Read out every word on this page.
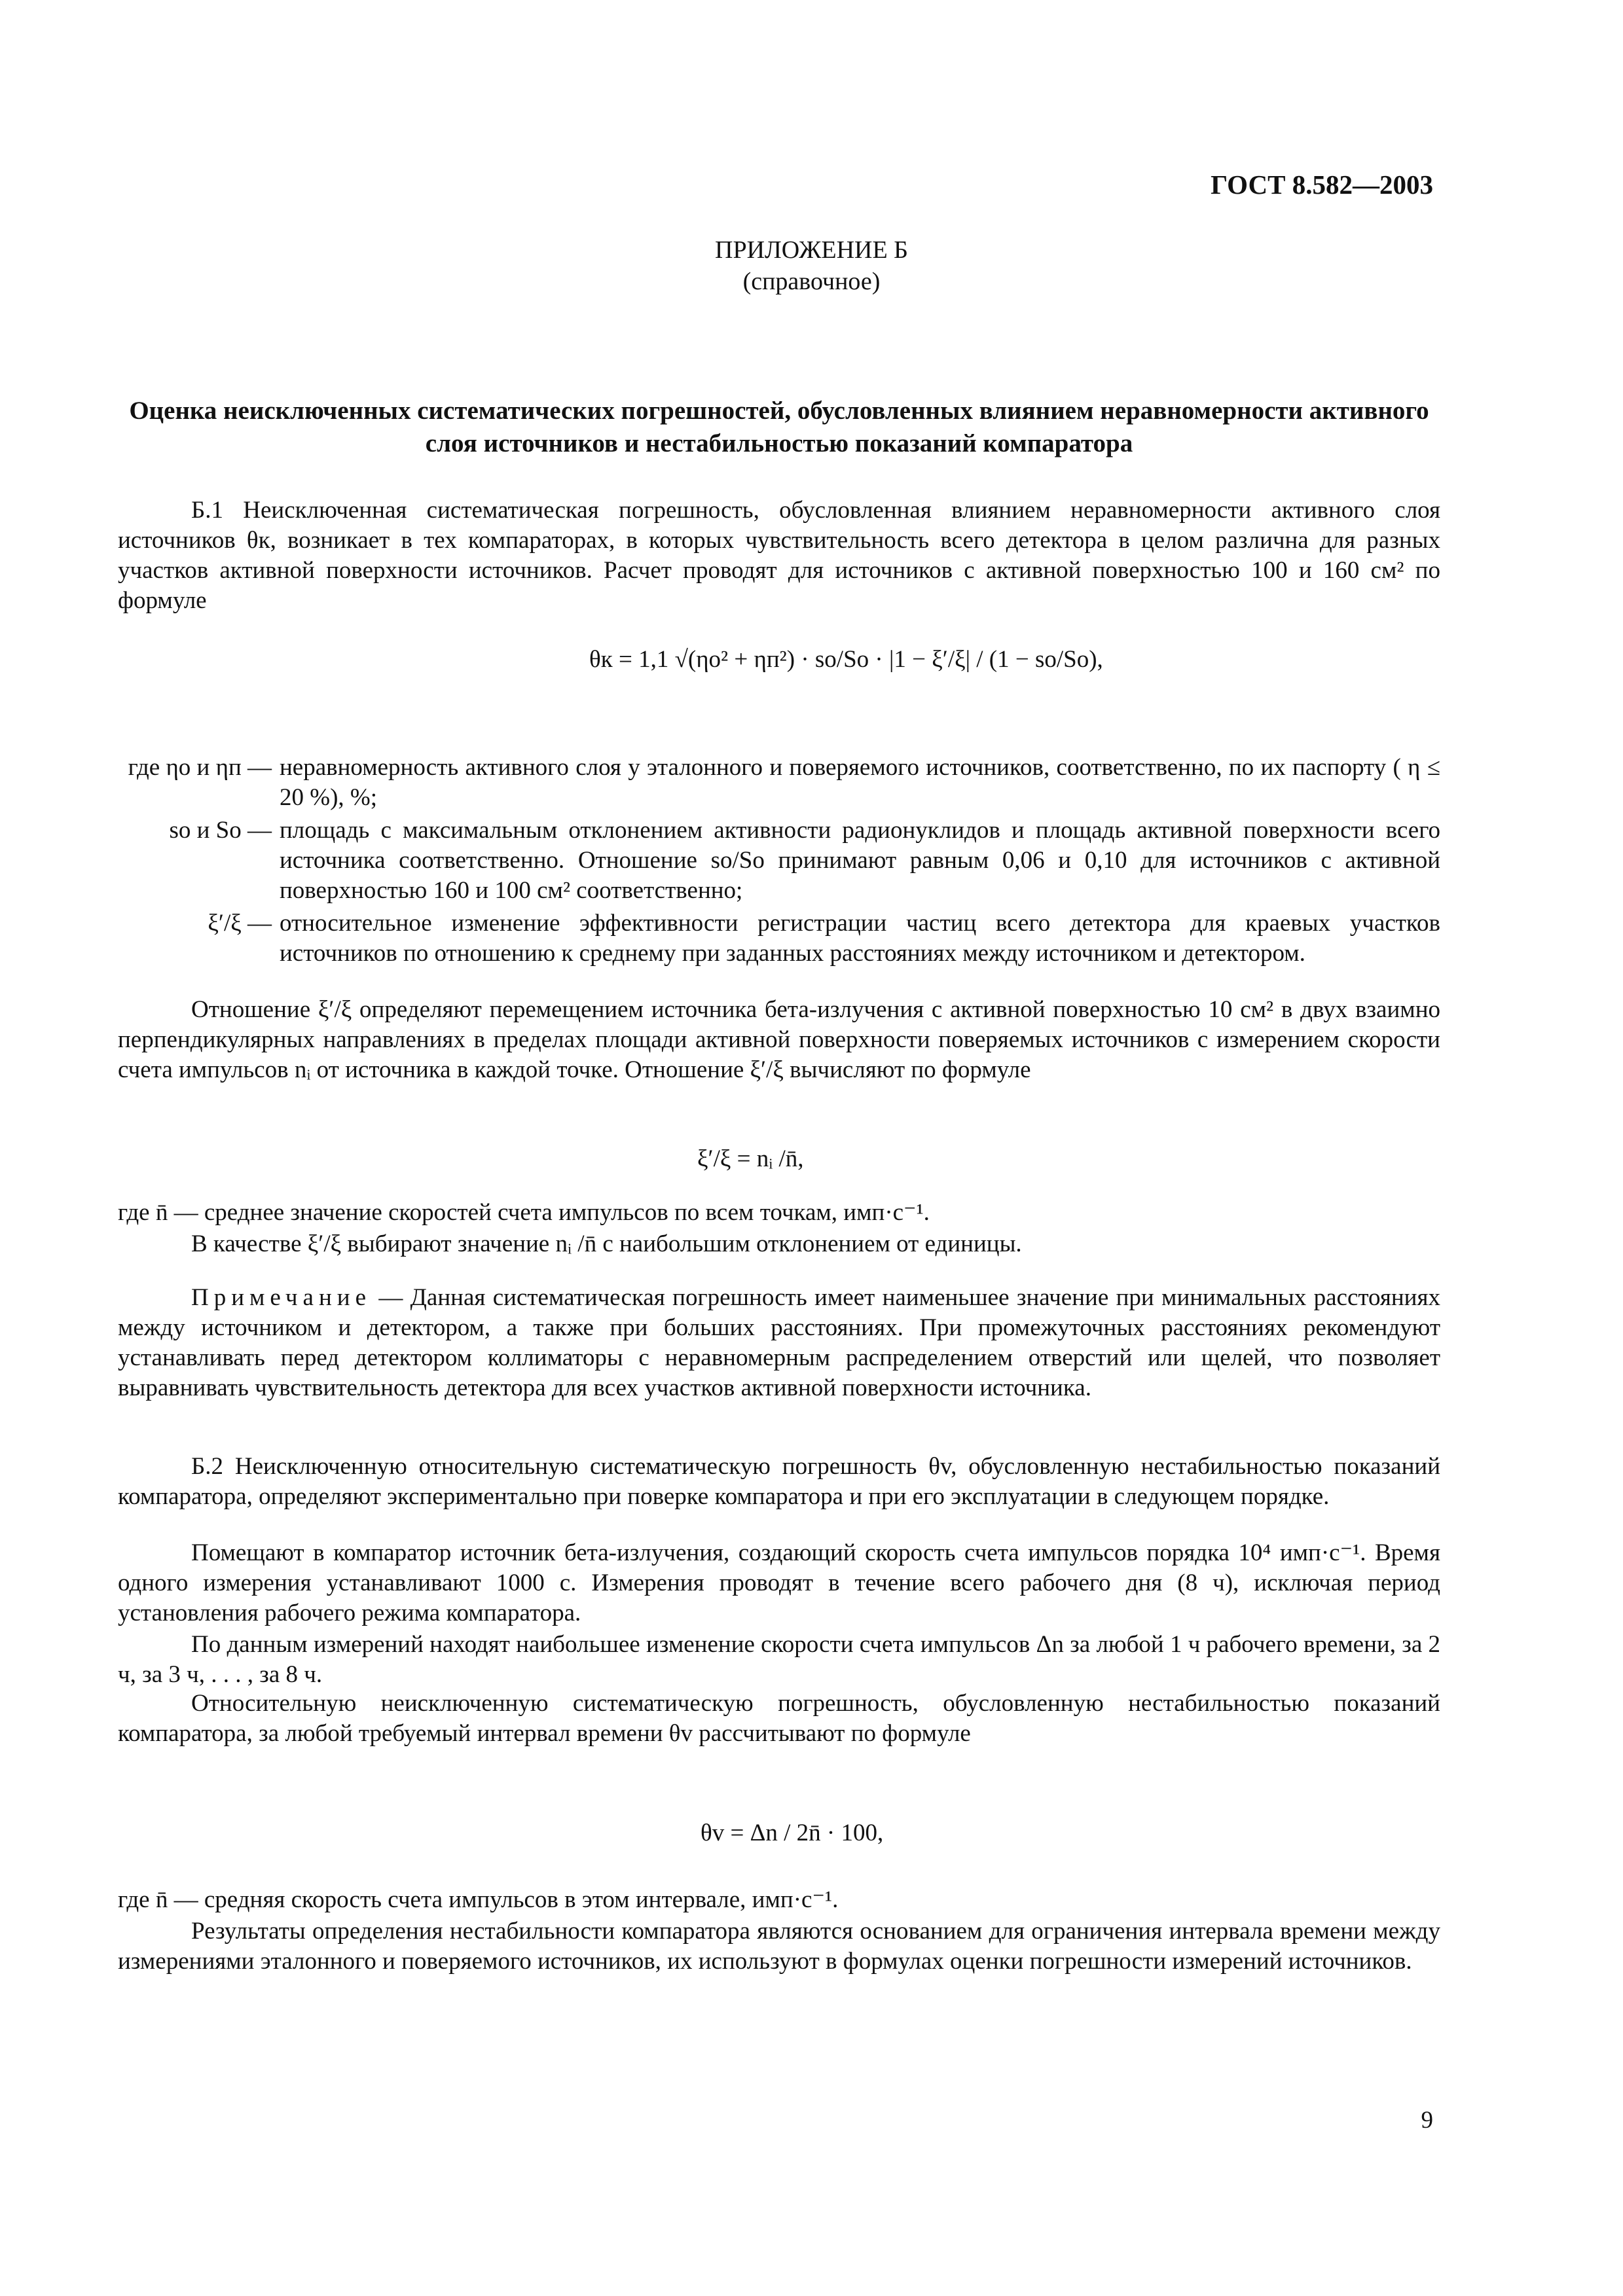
ГОСТ 8.582—2003
ПРИЛОЖЕНИЕ Б
(справочное)
Оценка неисключенных систематических погрешностей, обусловленных влиянием неравномерности активного слоя источников и нестабильностью показаний компаратора
Б.1 Неисключенная систематическая погрешность, обусловленная влиянием неравномерности активного слоя источников θк, возникает в тех компараторах, в которых чувствительность всего детектора в целом различна для разных участков активной поверхности источников. Расчет проводят для источников с активной поверхностью 100 и 160 см² по формуле
θк = 1,1 √(ηо² + ηп²) · sо/Sо · |1 − ξ′/ξ| / (1 − sо/Sо),
где ηо и ηп — неравномерность активного слоя у эталонного и поверяемого источников, соответственно, по их паспорту ( η ≤ 20 %), %;
sо и Sо — площадь с максимальным отклонением активности радионуклидов и площадь активной поверхности всего источника соответственно. Отношение sо/Sо принимают равным 0,06 и 0,10 для источников с активной поверхностью 160 и 100 см² соответственно;
ξ′/ξ — относительное изменение эффективности регистрации частиц всего детектора для краевых участков источников по отношению к среднему при заданных расстояниях между источником и детектором.
Отношение ξ′/ξ определяют перемещением источника бета-излучения с активной поверхностью 10 см² в двух взаимно перпендикулярных направлениях в пределах площади активной поверхности поверяемых источников с измерением скорости счета импульсов nᵢ от источника в каждой точке. Отношение ξ′/ξ вычисляют по формуле
ξ′/ξ = nᵢ /n̄,
где n̄ — среднее значение скоростей счета импульсов по всем точкам, имп·с⁻¹.
В качестве ξ′/ξ выбирают значение nᵢ /n̄ с наибольшим отклонением от единицы.
Примечание — Данная систематическая погрешность имеет наименьшее значение при минимальных расстояниях между источником и детектором, а также при больших расстояниях. При промежуточных расстояниях рекомендуют устанавливать перед детектором коллиматоры с неравномерным распределением отверстий или щелей, что позволяет выравнивать чувствительность детектора для всех участков активной поверхности источника.
Б.2 Неисключенную относительную систематическую погрешность θv, обусловленную нестабильностью показаний компаратора, определяют экспериментально при поверке компаратора и при его эксплуатации в следующем порядке.
Помещают в компаратор источник бета-излучения, создающий скорость счета импульсов порядка 10⁴ имп·с⁻¹. Время одного измерения устанавливают 1000 с. Измерения проводят в течение всего рабочего дня (8 ч), исключая период установления рабочего режима компаратора.
По данным измерений находят наибольшее изменение скорости счета импульсов Δn за любой 1 ч рабочего времени, за 2 ч, за 3 ч, . . . , за 8 ч.
Относительную неисключенную систематическую погрешность, обусловленную нестабильностью показаний компаратора, за любой требуемый интервал времени θv рассчитывают по формуле
θv = Δn / 2n̄ · 100,
где n̄ — средняя скорость счета импульсов в этом интервале, имп·с⁻¹.
Результаты определения нестабильности компаратора являются основанием для ограничения интервала времени между измерениями эталонного и поверяемого источников, их используют в формулах оценки погрешности измерений источников.
9
